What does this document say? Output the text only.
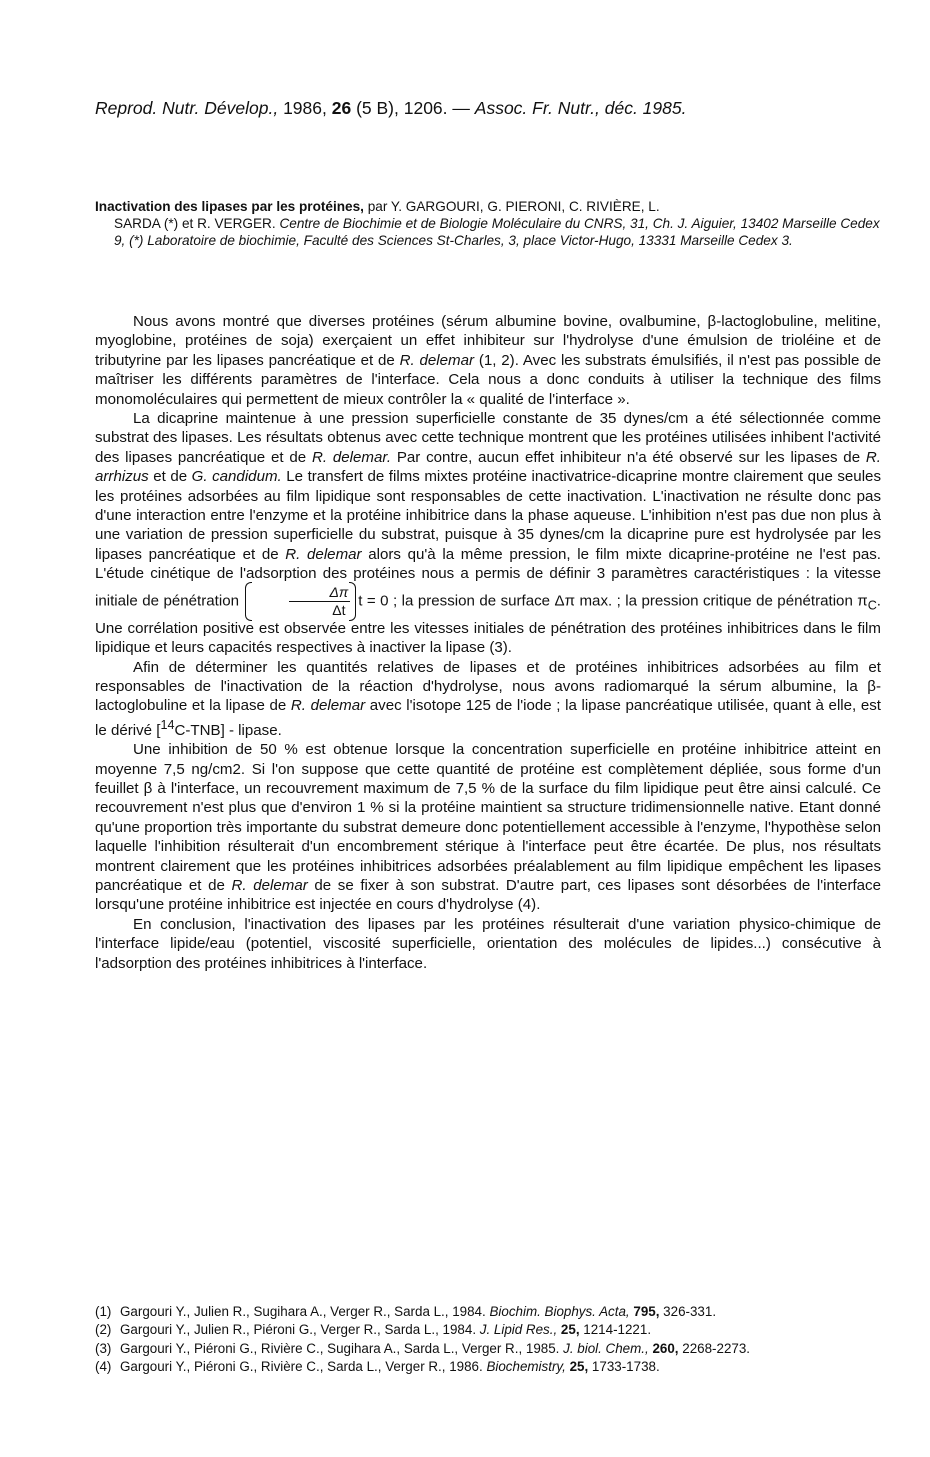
Reprod. Nutr. Dévelop., 1986, 26 (5 B), 1206. — Assoc. Fr. Nutr., déc. 1985.
Inactivation des lipases par les protéines, par Y. GARGOURI, G. PIERONI, C. RIVIÈRE, L.
SARDA (*) et R. VERGER. Centre de Biochimie et de Biologie Moléculaire du CNRS, 31, Ch. J. Aiguier, 13402 Marseille Cedex 9, (*) Laboratoire de biochimie, Faculté des Sciences St-Charles, 3, place Victor-Hugo, 13331 Marseille Cedex 3.

Nous avons montré que diverses protéines (sérum albumine bovine, ovalbumine, β-lactoglobuline, melitine, myoglobine, protéines de soja) exerçaient un effet inhibiteur sur l'hydrolyse d'une émulsion de trioléine et de tributyrine par les lipases pancréatique et de R. delemar (1, 2). Avec les substrats émulsifiés, il n'est pas possible de maîtriser les différents paramètres de l'interface. Cela nous a donc conduits à utiliser la technique des films monomoléculaires qui permettent de mieux contrôler la « qualité de l'interface ».

La dicaprine maintenue à une pression superficielle constante de 35 dynes/cm a été sélectionnée comme substrat des lipases. Les résultats obtenus avec cette technique montrent que les protéines utilisées inhibent l'activité des lipases pancréatique et de R. delemar. Par contre, aucun effet inhibiteur n'a été observé sur les lipases de R. arrhizus et de G. candidum. Le transfert de films mixtes protéine inactivatrice-dicaprine montre clairement que seules les protéines adsorbées au film lipidique sont responsables de cette inactivation. L'inactivation ne résulte donc pas d'une interaction entre l'enzyme et la protéine inhibitrice dans la phase aqueuse. L'inhibition n'est pas due non plus à une variation de pression superficielle du substrat, puisque à 35 dynes/cm la dicaprine pure est hydrolysée par les lipases pancréatique et de R. delemar alors qu'à la même pression, le film mixte dicaprine-protéine ne l'est pas. L'étude cinétique de l'adsorption des protéines nous a permis de définir 3 paramètres caractéristiques : la vitesse initiale de pénétration	$\frac{\Delta\pi}{\Delta t}$ t = 0 ; la pression de surface Δπ max. ; la pression critique de pénétration $\pi_C$. Une corrélation positive est observée entre les vitesses initiales de pénétration des protéines inhibitrices dans le film lipidique et leurs capacités respectives à inactiver la lipase (3).

Afin de déterminer les quantités relatives de lipases et de protéines inhibitrices adsorbées au film et responsables de l'inactivation de la réaction d'hydrolyse, nous avons radiomarqué la sérum albumine, la β-lactoglobuline et la lipase de R. delemar avec l'isotope 125 de l'iode ; la lipase pancréatique utilisée, quant à elle, est le dérivé [$^{14}$C-TNB] - lipase.

Une inhibition de 50 % est obtenue lorsque la concentration superficielle en protéine inhibitrice atteint en moyenne 7,5 ng/cm2. Si l'on suppose que cette quantité de protéine est complètement dépliée, sous forme d'un feuillet β à l'interface, un recouvrement maximum de 7,5 % de la surface du film lipidique peut être ainsi calculé. Ce recouvrement n'est plus que d'environ 1 % si la protéine maintient sa structure tridimensionnelle native. Etant donné qu'une proportion très importante du substrat demeure donc potentiellement accessible à l'enzyme, l'hypothèse selon laquelle l'inhibition résulterait d'un encombrement stérique à l'interface peut être écartée. De plus, nos résultats montrent clairement que les protéines inhibitrices adsorbées préalablement au film lipidique empêchent les lipases pancréatique et de R. delemar de se fixer à son substrat. D'autre part, ces lipases sont désorbées de l'interface lorsqu'une protéine inhibitrice est injectée en cours d'hydrolyse (4).

En conclusion, l'inactivation des lipases par les protéines résulterait d'une variation physico-chimique de l'interface lipide/eau (potentiel, viscosité superficielle, orientation des molécules de lipides...) consécutive à l'adsorption des protéines inhibitrices à l'interface.

(1) Gargouri Y., Julien R., Sugihara A., Verger R., Sarda L., 1984. Biochim. Biophys. Acta, 795, 326-331.
(2) Gargouri Y., Julien R., Piéroni G., Verger R., Sarda L., 1984. J. Lipid Res., 25, 1214-1221.
(3) Gargouri Y., Piéroni G., Rivière C., Sugihara A., Sarda L., Verger R., 1985. J. biol. Chem., 260, 2268-2273.
(4) Gargouri Y., Piéroni G., Rivière C., Sarda L., Verger R., 1986. Biochemistry, 25, 1733-1738.
